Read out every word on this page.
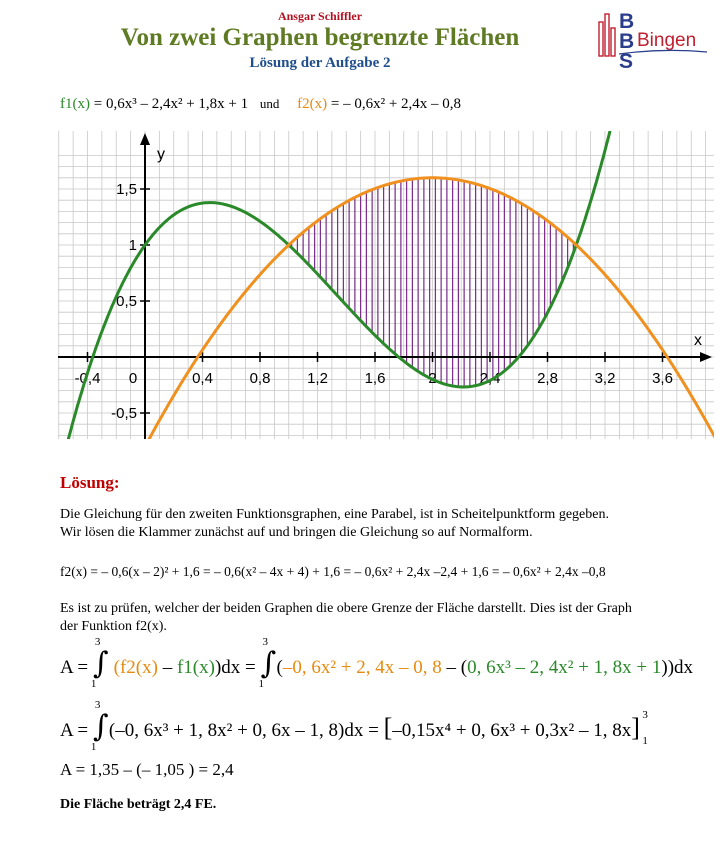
Ansgar Schiffler
Von zwei Graphen begrenzte Flächen
Lösung der Aufgabe 2
B
B
S
Bingen
f1(x) = 0,6x³ – 2,4x² + 1,8x + 1 und f2(x) = – 0,6x² + 2,4x – 0,8
-0,4 0	0,4 0,8 1,2 1,6	2	2,4 2,8 3,2 3,6
1,5
1
0,5
-0,5
x
y
Lösung:
Die Gleichung für den zweiten Funktionsgraphen, eine Parabel, ist in Scheitelpunktform gegeben.
Wir lösen die Klammer zunächst auf und bringen die Gleichung so auf Normalform.
f2(x) = – 0,6(x – 2)² + 1,6 = – 0,6(x² – 4x + 4) + 1,6 = – 0,6x² + 2,4x –2,4 + 1,6 = – 0,6x² + 2,4x –0,8
Es ist zu prüfen, welcher der beiden Graphen die obere Grenze der Fläche darstellt. Dies ist der Graph
der Funktion f2(x).
A = ∫
3
1
(f2(x) – f1(x))dx = ∫
3
1
(–0, 6x² + 2, 4x – 0, 8 – (0, 6x³ – 2, 4x² + 1, 8x + 1))dx
A = ∫
3
1
(–0, 6x³ + 1, 8x² + 0, 6x – 1, 8)dx = [–0,15x⁴ + 0, 6x³ + 0,3x² – 1, 8x] 3
1
A = 1,35 – (– 1,05 ) = 2,4
Die Fläche beträgt 2,4 FE.
